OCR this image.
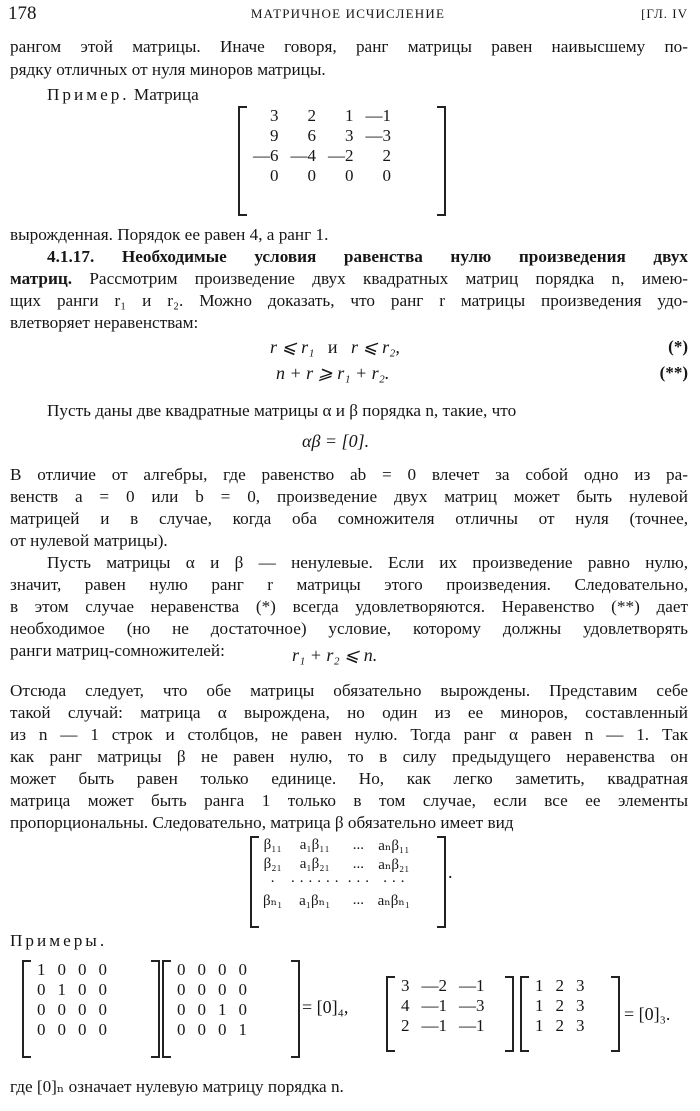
178	МАТРИЧНОЕ ИСЧИСЛЕНИЕ	[ГЛ. IV
рангом этой матрицы. Иначе говоря, ранг матрицы равен наивысшему по-
рядку отличных от нуля миноров матрицы.
Пример. Матрица
3	2	1	—1
9	6	3	—3
—6	—4	—2	2
0	0	0	0
вырожденная. Порядок ее равен 4, а ранг 1.
4.1.17. Необходимые условия равенства нулю произведения двух
матриц. Рассмотрим произведение двух квадратных матриц порядка n, имею-
щих ранги r₁ и r₂. Можно доказать, что ранг r матрицы произведения удо-
влетворяет неравенствам:
r ⩽ r₁ и r ⩽ r₂,	(*)
n + r ⩾ r₁ + r₂.	(**)
Пусть даны две квадратные матрицы α и β порядка n, такие, что
αβ = [0].
В отличие от алгебры, где равенство ab = 0 влечет за собой одно из ра-
венств a = 0 или b = 0, произведение двух матриц может быть нулевой
матрицей и в случае, когда оба сомножителя отличны от нуля (точнее,
от нулевой матрицы).
Пусть матрицы α и β — ненулевые. Если их произведение равно нулю,
значит, равен нулю ранг r матрицы этого произведения. Следовательно,
в этом случае неравенства (*) всегда удовлетворяются. Неравенство (**) дает
необходимое (но не достаточное) условие, которому должны удовлетворять
ранги матриц-сомножителей:	r₁ + r₂ ⩽ n.
Отсюда следует, что обе матрицы обязательно вырождены. Представим себе
такой случай: матрица α вырождена, но один из ее миноров, составленный
из n — 1 строк и столбцов, не равен нулю. Тогда ранг α равен n — 1. Так
как ранг матрицы β не равен нулю, то в силу предыдущего неравенства он
может быть равен только единице. Но, как легко заметить, квадратная
матрица может быть ранга 1 только в том случае, если все ее элементы
пропорциональны. Следовательно, матрица β обязательно имеет вид
β₁₁	a₁β₁₁	...	aₙβ₁₁
β₂₁	a₁β₂₁	...	aₙβ₂₁
·	· · · · · ·	· · ·	· · ·
βₙ₁	a₁βₙ₁	...	aₙβₙ₁
.
Примеры.
1	0	0	0
0	1	0	0
0	0	0	0
0	0	0	0
0	0	0	0
0	0	0	0
0	0	1	0
0	0	0	1
= [0]₄,
3	—2	—1
4	—1	—3
2	—1	—1
1	2	3
1	2	3
1	2	3
= [0]₃.
где [0]ₙ означает нулевую матрицу порядка n.
